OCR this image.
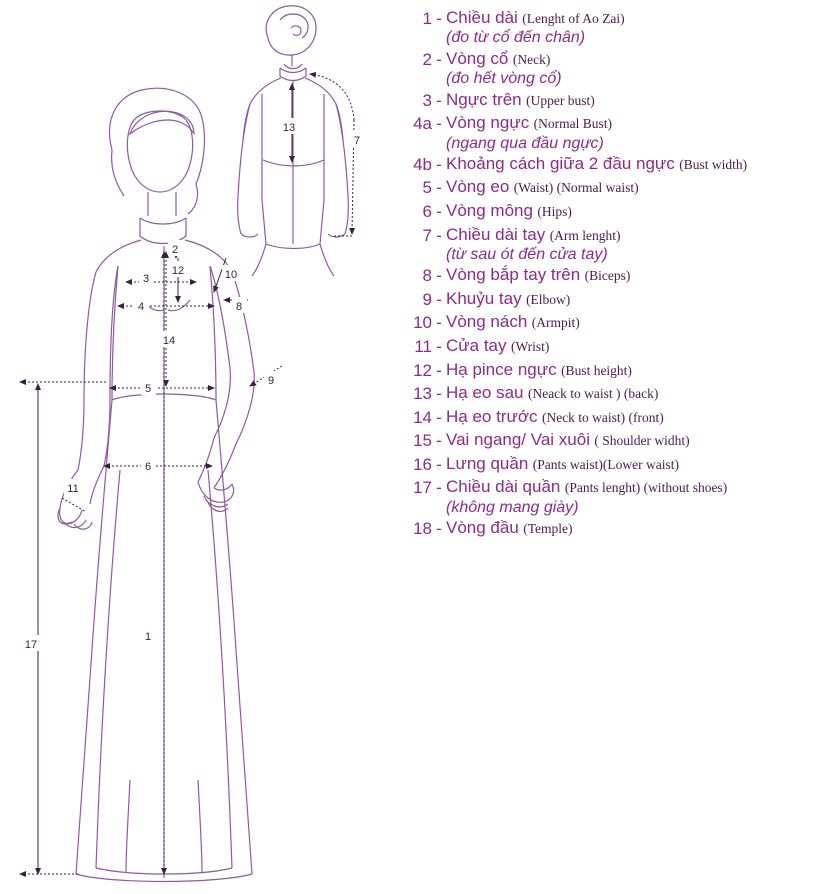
1
2
3
4
5
6
7
8
9
10
11
12
13
14
17
1 - Chiều dài (Lenght of Ao Zai)
(đo từ cổ đến chân)
2 - Vòng cổ (Neck)
(đo hết vòng cổ)
3 - Ngực trên (Upper bust)
4a - Vòng ngực (Normal Bust)
(ngang qua đầu ngực)
4b - Khoảng cách giữa 2 đầu ngực (Bust width)
5 - Vòng eo (Waist) (Normal waist)
6 - Vòng mông (Hips)
7 - Chiều dài tay (Arm lenght)
(từ sau ót đến cửa tay)
8 - Vòng bắp tay trên (Biceps)
9 - Khuỷu tay (Elbow)
10 - Vòng nách (Armpit)
11 - Cửa tay (Wrist)
12 - Hạ pince ngực (Bust height)
13 - Hạ eo sau (Neack to waist ) (back)
14 - Hạ eo trước (Neck to waist) (front)
15 - Vai ngang/ Vai xuôi ( Shoulder widht)
16 - Lưng quần (Pants waist)(Lower waist)
17 - Chiều dài quần (Pants lenght) (without shoes)
(không mang giày)
18 - Vòng đầu (Temple)
